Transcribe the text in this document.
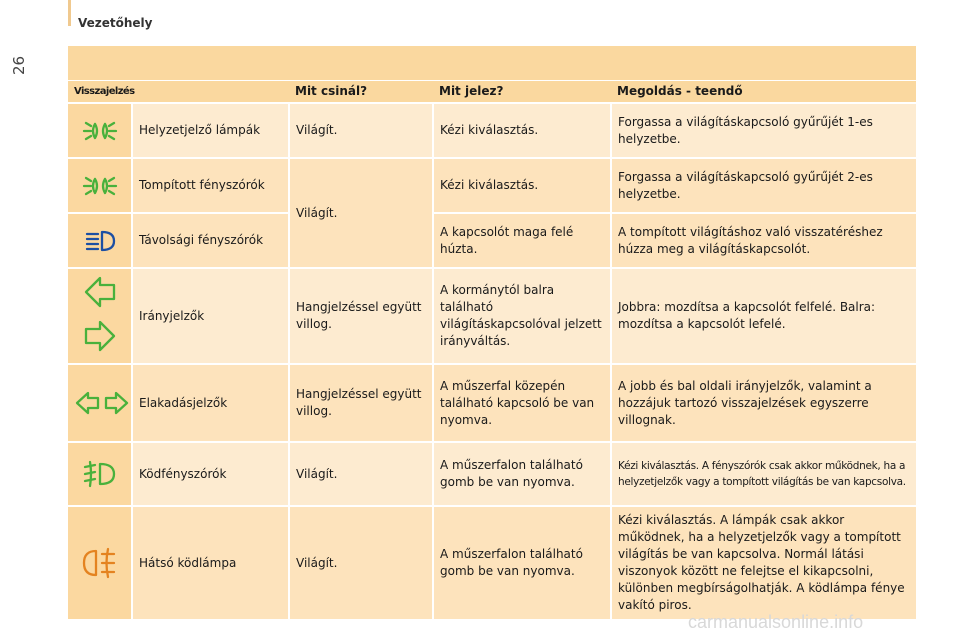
26
Vezetőhely
Visszajelzés		Mit csinál?	Mit jelez?	Megoldás - teendő

	Helyzetjelző lámpák	Világít.	Kézi kiválasztás.	Forgassa a világításkapcsoló gyűrűjét 1-es helyzetbe.

	Tompított fényszórók	Világít.	Kézi kiválasztás.	Forgassa a világításkapcsoló gyűrűjét 2-es helyzetbe.

	Távolsági fényszórók		A kapcsolót maga felé húzta.	A tompított világításhoz való visszatéréshez húzza meg a világításkapcsolót.

	Irányjelzők	Hangjelzéssel együtt villog.	A kormánytól balra található világításkapcsolóval jelzett irányváltás.	Jobbra: mozdítsa a kapcsolót felfelé. Balra: mozdítsa a kapcsolót lefelé.

	Elakadásjelzők	Hangjelzéssel együtt villog.	A műszerfal közepén található kapcsoló be van nyomva.	A jobb és bal oldali irányjelzők, valamint a hozzájuk tartozó visszajelzések egyszerre villognak.

	Ködfényszórók	Világít.	A műszerfalon található gomb be van nyomva.	Kézi kiválasztás. A fényszórók csak akkor működnek, ha a helyzetjelzők vagy a tompított világítás be van kapcsolva.

	Hátsó ködlámpa	Világít.	A műszerfalon található gomb be van nyomva.	Kézi kiválasztás. A lámpák csak akkor működnek, ha a helyzetjelzők vagy a tompított világítás be van kapcsolva. Normál látási viszonyok között ne felejtse el kikapcsolni, különben megbírságolhatják. A ködlámpa fénye vakító piros.
carmanualsonline.info
